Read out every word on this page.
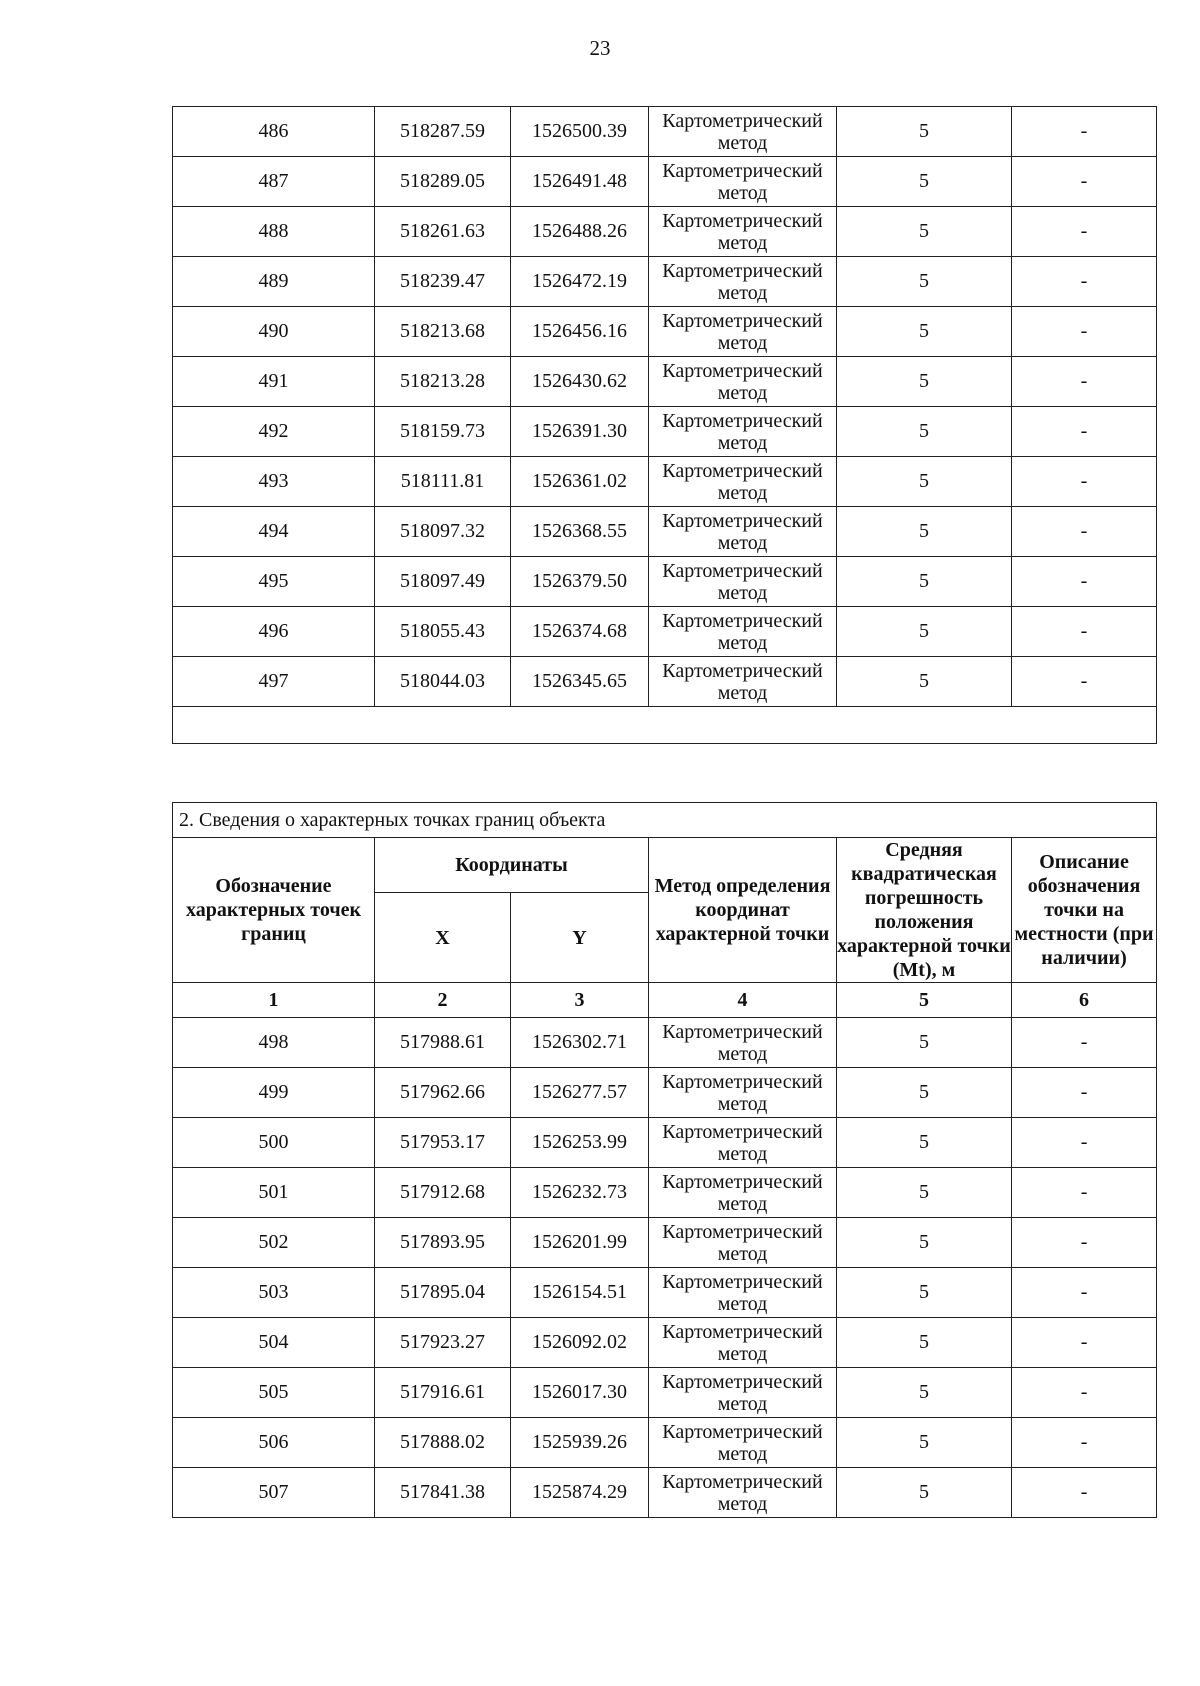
23
486	518287.59	1526500.39	Картометрический метод	5	-
487	518289.05	1526491.48	Картометрический метод	5	-
488	518261.63	1526488.26	Картометрический метод	5	-
489	518239.47	1526472.19	Картометрический метод	5	-
490	518213.68	1526456.16	Картометрический метод	5	-
491	518213.28	1526430.62	Картометрический метод	5	-
492	518159.73	1526391.30	Картометрический метод	5	-
493	518111.81	1526361.02	Картометрический метод	5	-
494	518097.32	1526368.55	Картометрический метод	5	-
495	518097.49	1526379.50	Картометрический метод	5	-
496	518055.43	1526374.68	Картометрический метод	5	-
497	518044.03	1526345.65	Картометрический метод	5	-

2. Сведения о характерных точках границ объекта					
Обозначение характерных точек границ	Координаты		Метод определения координат характерной точки	Средняя квадратическая погрешность положения характерной точки (Mt), м	Описание обозначения точки на местности (при наличии)
	X	Y			
1	2	3	4	5	6
498	517988.61	1526302.71	Картометрический метод	5	-
499	517962.66	1526277.57	Картометрический метод	5	-
500	517953.17	1526253.99	Картометрический метод	5	-
501	517912.68	1526232.73	Картометрический метод	5	-
502	517893.95	1526201.99	Картометрический метод	5	-
503	517895.04	1526154.51	Картометрический метод	5	-
504	517923.27	1526092.02	Картометрический метод	5	-
505	517916.61	1526017.30	Картометрический метод	5	-
506	517888.02	1525939.26	Картометрический метод	5	-
507	517841.38	1525874.29	Картометрический метод	5	-
